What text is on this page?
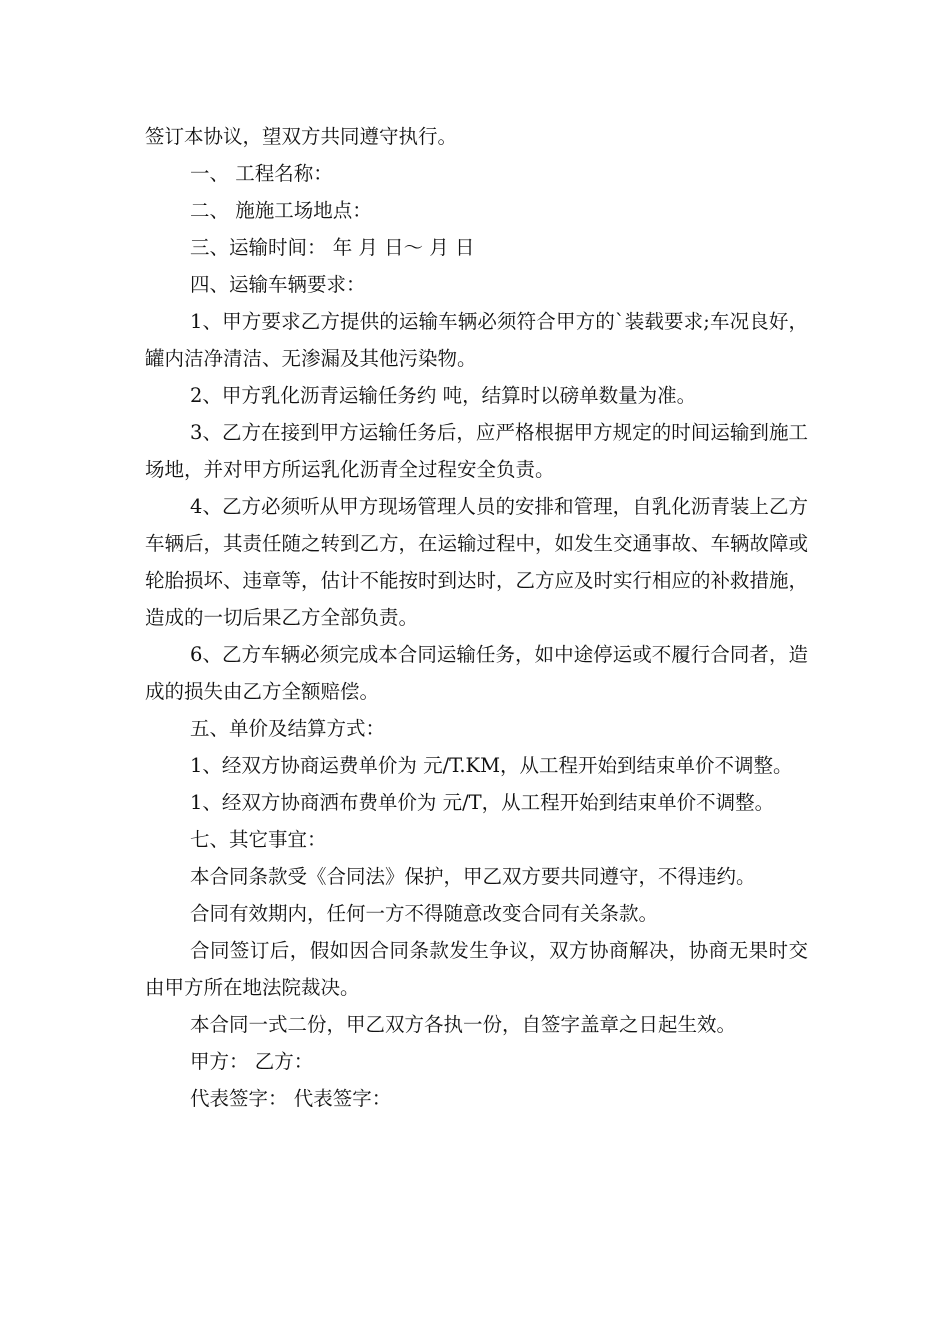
签订本协议，望双方共同遵守执行。

一、 工程名称：

二、 施施工场地点：

三、运输时间： 年 月 日～ 月 日

四、运输车辆要求：

1、甲方要求乙方提供的运输车辆必须符合甲方的`装载要求;车况良好，罐内洁净清洁、无渗漏及其他污染物。

2、甲方乳化沥青运输任务约 吨，结算时以磅单数量为准。

3、乙方在接到甲方运输任务后，应严格根据甲方规定的时间运输到施工场地，并对甲方所运乳化沥青全过程安全负责。

4、乙方必须听从甲方现场管理人员的安排和管理，自乳化沥青装上乙方车辆后，其责任随之转到乙方，在运输过程中，如发生交通事故、车辆故障或轮胎损坏、违章等，估计不能按时到达时，乙方应及时实行相应的补救措施，造成的一切后果乙方全部负责。

6、乙方车辆必须完成本合同运输任务，如中途停运或不履行合同者，造成的损失由乙方全额赔偿。

五、单价及结算方式：

1、经双方协商运费单价为 元/T.KM，从工程开始到结束单价不调整。

1、经双方协商洒布费单价为 元/T，从工程开始到结束单价不调整。

七、其它事宜：

本合同条款受《合同法》保护，甲乙双方要共同遵守，不得违约。

合同有效期内，任何一方不得随意改变合同有关条款。

合同签订后，假如因合同条款发生争议，双方协商解决，协商无果时交由甲方所在地法院裁决。

本合同一式二份，甲乙双方各执一份，自签字盖章之日起生效。

甲方： 乙方：

代表签字： 代表签字：
